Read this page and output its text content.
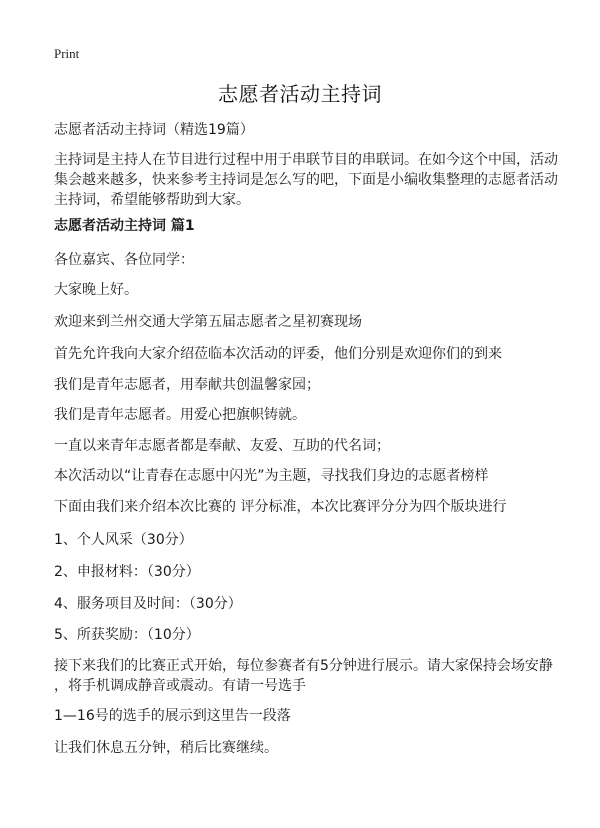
Print
志愿者活动主持词
志愿者活动主持词（精选19篇）
主持词是主持人在节目进行过程中用于串联节目的串联词。在如今这个中国，活动
集会越来越多，快来参考主持词是怎么写的吧，下面是小编收集整理的志愿者活动
主持词，希望能够帮助到大家。
志愿者活动主持词 篇1
各位嘉宾、各位同学：
大家晚上好。
欢迎来到兰州交通大学第五届志愿者之星初赛现场
首先允许我向大家介绍莅临本次活动的评委，他们分别是欢迎你们的到来
我们是青年志愿者，用奉献共创温馨家园；
我们是青年志愿者。用爱心把旗帜铸就。
一直以来青年志愿者都是奉献、友爱、互助的代名词；
本次活动以“让青春在志愿中闪光”为主题，寻找我们身边的志愿者榜样
下面由我们来介绍本次比赛的 评分标准，本次比赛评分分为四个版块进行
1、个人风采（30分）
2、申报材料：（30分）
4、服务项目及时间：（30分）
5、所获奖励：（10分）
接下来我们的比赛正式开始，每位参赛者有5分钟进行展示。请大家保持会场安静
，将手机调成静音或震动。有请一号选手
1—16号的选手的展示到这里告一段落
让我们休息五分钟，稍后比赛继续。
